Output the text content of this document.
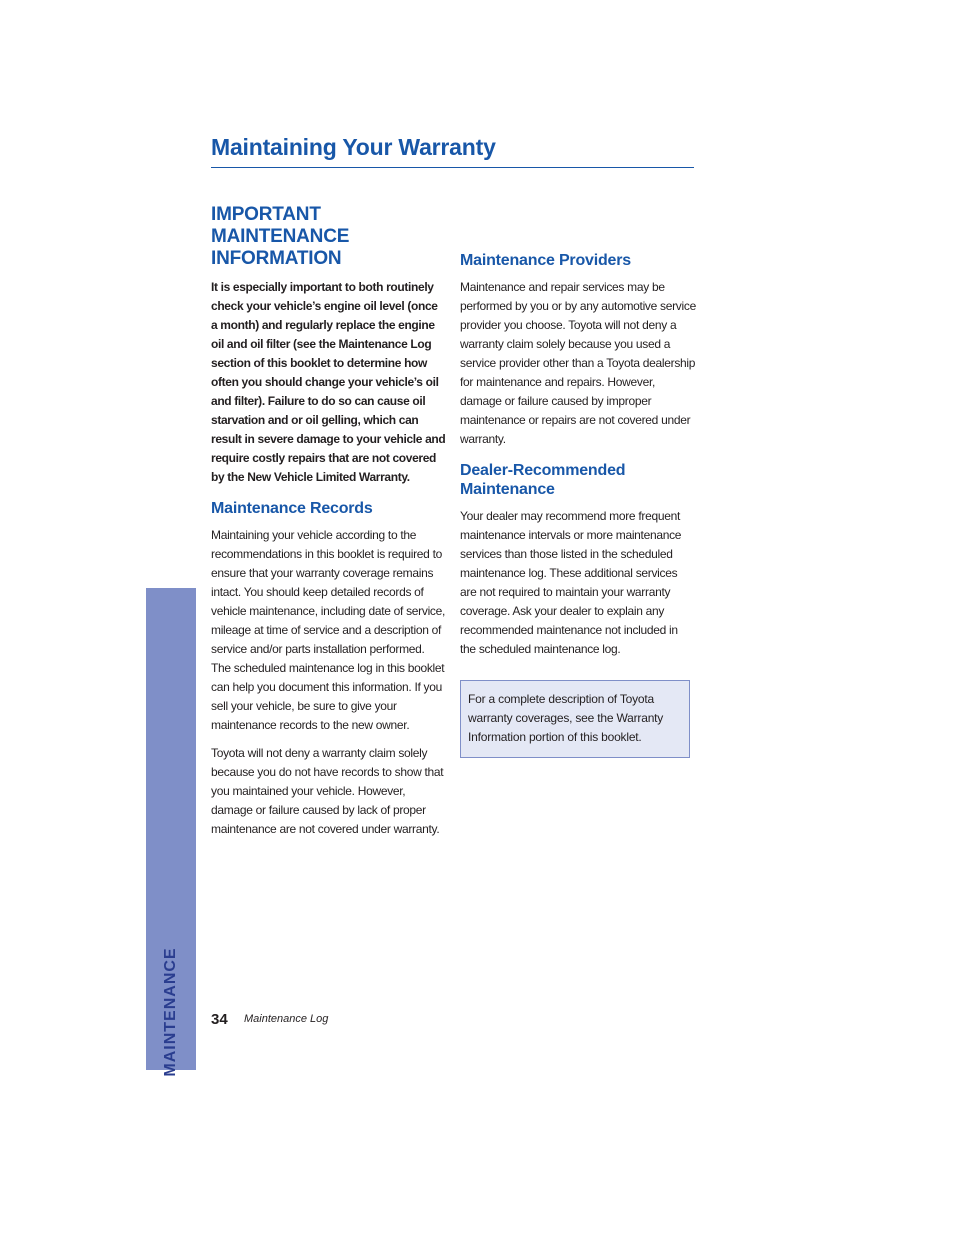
MAINTENANCE
Maintaining Your Warranty
IMPORTANT MAINTENANCE INFORMATION

It is especially important to both routinely check your vehicle’s engine oil level (once a month) and regularly replace the engine oil and oil filter (see the Maintenance Log section of this booklet to determine how often you should change your vehicle’s oil and filter). Failure to do so can cause oil starvation and or oil gelling, which can result in severe damage to your vehicle and require costly repairs that are not covered by the New Vehicle Limited Warranty.

Maintenance Records

Maintaining your vehicle according to the recommendations in this booklet is required to ensure that your warranty coverage remains intact. You should keep detailed records of vehicle maintenance, including date of service, mileage at time of service and a description of service and/or parts installation performed. The scheduled maintenance log in this booklet can help you document this information. If you sell your vehicle, be sure to give your maintenance records to the new owner.

Toyota will not deny a warranty claim solely because you do not have records to show that you maintained your vehicle. However, damage or failure caused by lack of proper maintenance are not covered under warranty.

Maintenance Providers

Maintenance and repair services may be performed by you or by any automotive service provider you choose. Toyota will not deny a warranty claim solely because you used a service provider other than a Toyota dealership for maintenance and repairs. However, damage or failure caused by improper maintenance or repairs are not covered under warranty.

Dealer-Recommended Maintenance

Your dealer may recommend more frequent maintenance intervals or more maintenance services than those listed in the scheduled maintenance log. These additional services are not required to maintain your warranty coverage. Ask your dealer to explain any recommended maintenance not included in the scheduled maintenance log.

For a complete description of Toyota warranty coverages, see the Warranty Information portion of this booklet.

34 Maintenance Log
